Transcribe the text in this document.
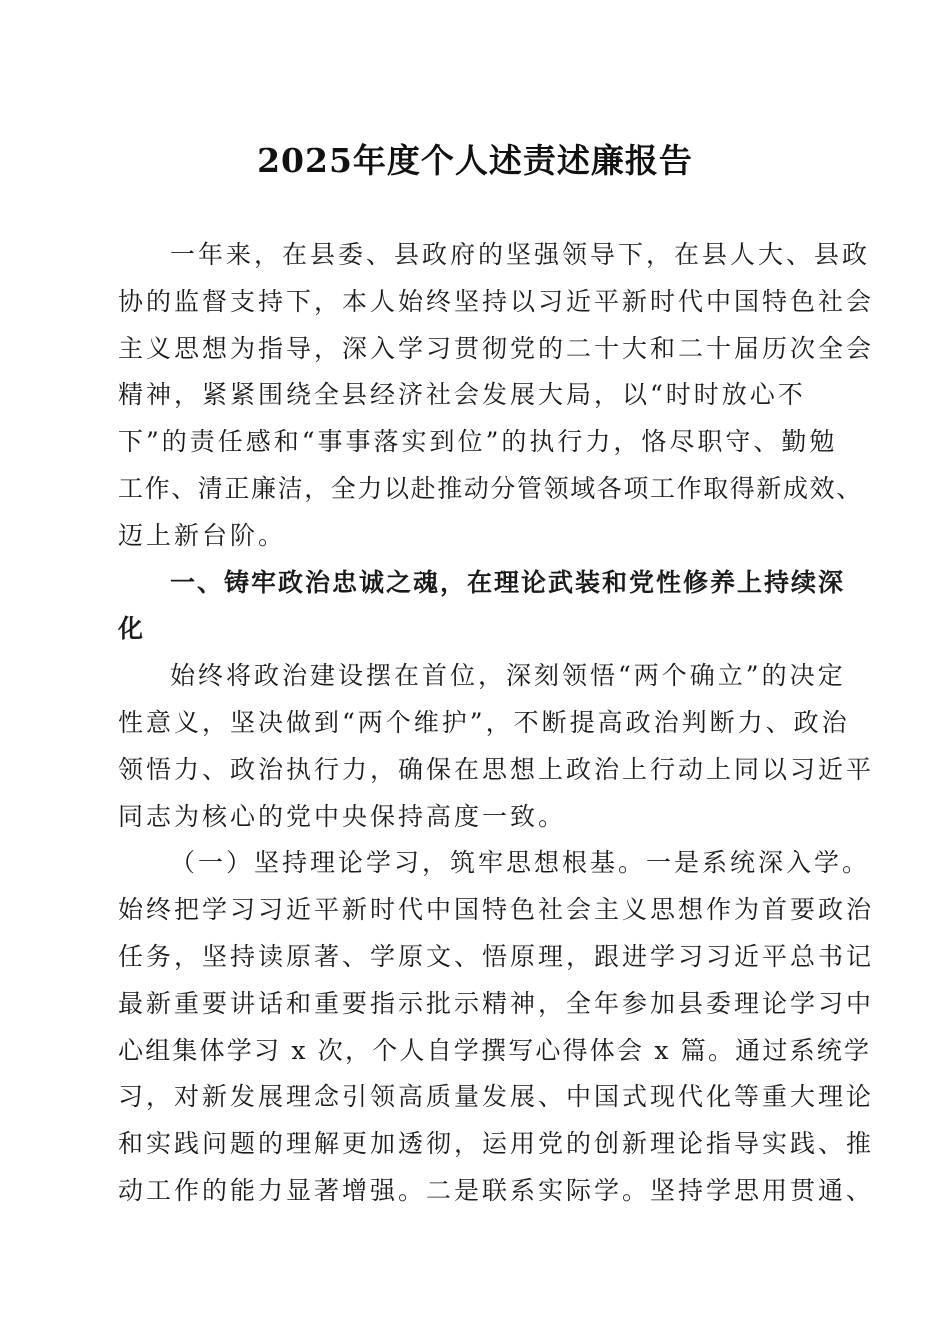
2025年度个人述责述廉报告
一年来，在县委、县政府的坚强领导下，在县人大、县政
协的监督支持下，本人始终坚持以习近平新时代中国特色社会
主义思想为指导，深入学习贯彻党的二十大和二十届历次全会
精神，紧紧围绕全县经济社会发展大局，以“时时放心不
下”的责任感和“事事落实到位”的执行力，恪尽职守、勤勉
工作、清正廉洁，全力以赴推动分管领域各项工作取得新成效、
迈上新台阶。
一、铸牢政治忠诚之魂，在理论武装和党性修养上持续深
化
始终将政治建设摆在首位，深刻领悟“两个确立”的决定
性意义，坚决做到“两个维护”，不断提高政治判断力、政治
领悟力、政治执行力，确保在思想上政治上行动上同以习近平
同志为核心的党中央保持高度一致。
（一）坚持理论学习，筑牢思想根基。一是系统深入学。
始终把学习习近平新时代中国特色社会主义思想作为首要政治
任务，坚持读原著、学原文、悟原理，跟进学习习近平总书记
最新重要讲话和重要指示批示精神，全年参加县委理论学习中
心组集体学习 x 次，个人自学撰写心得体会 x 篇。通过系统学
习，对新发展理念引领高质量发展、中国式现代化等重大理论
和实践问题的理解更加透彻，运用党的创新理论指导实践、推
动工作的能力显著增强。二是联系实际学。坚持学思用贯通、
